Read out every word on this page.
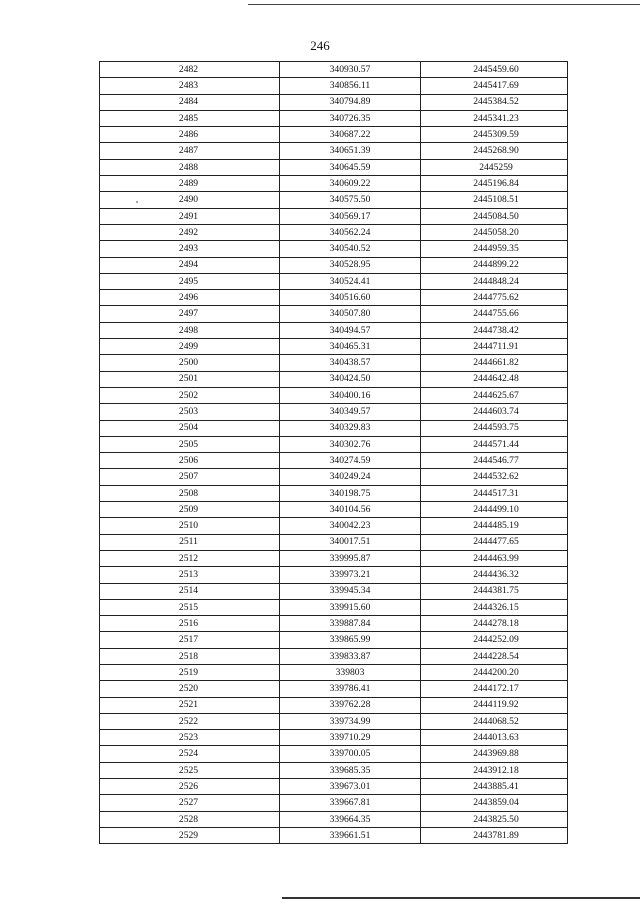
246
2482	340930.57	2445459.60
2483	340856.11	2445417.69
2484	340794.89	2445384.52
2485	340726.35	2445341.23
2486	340687.22	2445309.59
2487	340651.39	2445268.90
2488	340645.59	2445259
2489	340609.22	2445196.84
2490	340575.50	2445108.51
2491	340569.17	2445084.50
2492	340562.24	2445058.20
2493	340540.52	2444959.35
2494	340528.95	2444899.22
2495	340524.41	2444848.24
2496	340516.60	2444775.62
2497	340507.80	2444755.66
2498	340494.57	2444738.42
2499	340465.31	2444711.91
2500	340438.57	2444661.82
2501	340424.50	2444642.48
2502	340400.16	2444625.67
2503	340349.57	2444603.74
2504	340329.83	2444593.75
2505	340302.76	2444571.44
2506	340274.59	2444546.77
2507	340249.24	2444532.62
2508	340198.75	2444517.31
2509	340104.56	2444499.10
2510	340042.23	2444485.19
2511	340017.51	2444477.65
2512	339995.87	2444463.99
2513	339973.21	2444436.32
2514	339945.34	2444381.75
2515	339915.60	2444326.15
2516	339887.84	2444278.18
2517	339865.99	2444252.09
2518	339833.87	2444228.54
2519	339803	2444200.20
2520	339786.41	2444172.17
2521	339762.28	2444119.92
2522	339734.99	2444068.52
2523	339710.29	2444013.63
2524	339700.05	2443969.88
2525	339685.35	2443912.18
2526	339673.01	2443885.41
2527	339667.81	2443859.04
2528	339664.35	2443825.50
2529	339661.51	2443781.89
